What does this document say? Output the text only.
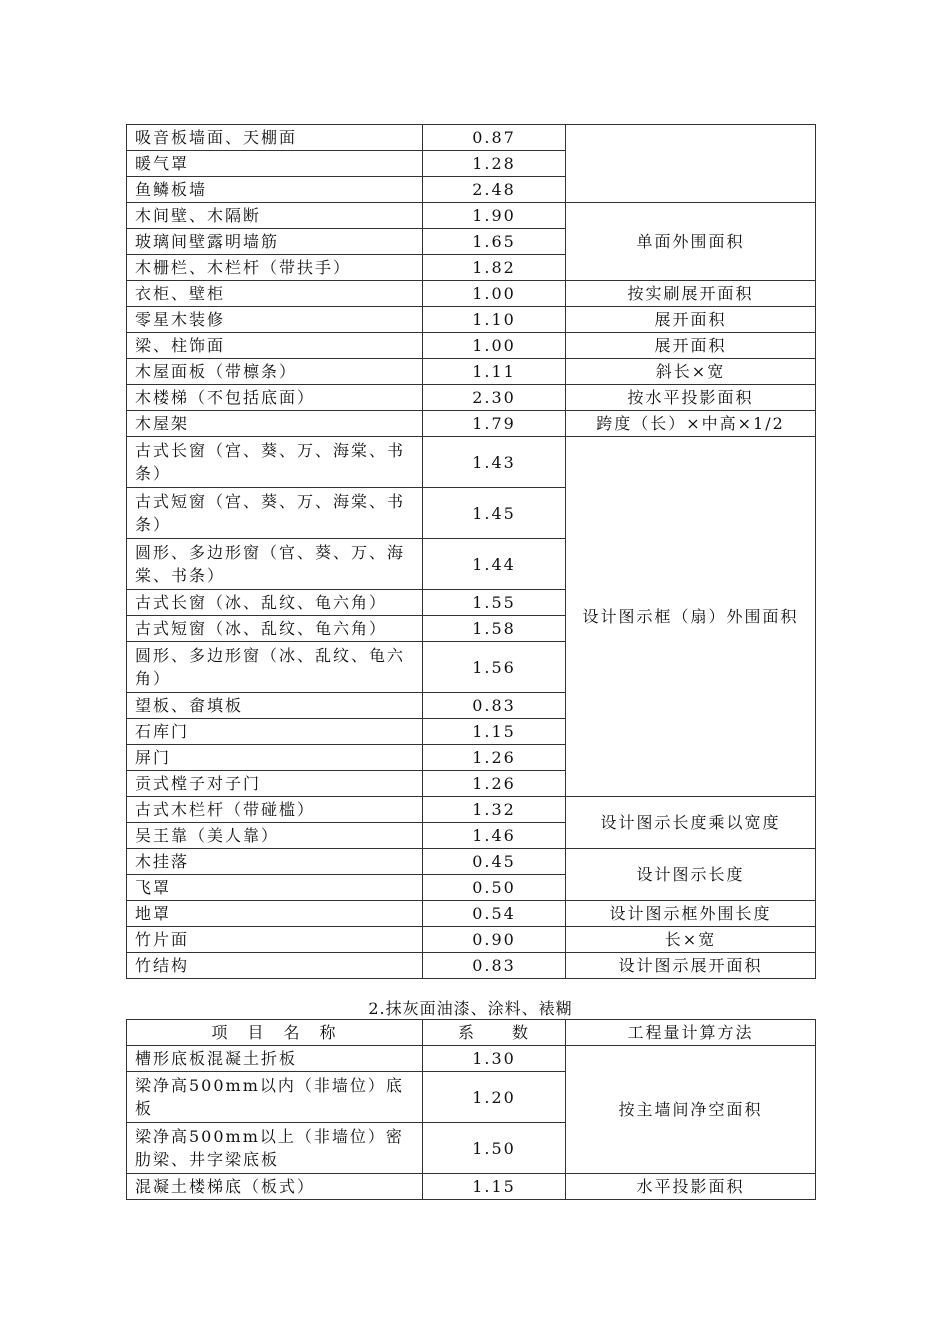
吸音板墙面、天棚面	0.87	
暖气罩	1.28	
鱼鳞板墙	2.48	
木间壁、木隔断	1.90	单面外围面积
玻璃间壁露明墙筋	1.65	
木栅栏、木栏杆（带扶手）	1.82	
衣柜、壁柜	1.00	按实刷展开面积
零星木装修	1.10	展开面积
梁、柱饰面	1.00	展开面积
木屋面板（带檩条）	1.11	斜长×宽
木楼梯（不包括底面）	2.30	按水平投影面积
木屋架	1.79	跨度（长）×中高×1/2
古式长窗（宫、葵、万、海棠、书条）	1.43	设计图示框（扇）外围面积
古式短窗（宫、葵、万、海棠、书条）	1.45	
圆形、多边形窗（官、葵、万、海棠、书条）	1.44	
古式长窗（冰、乱纹、龟六角）	1.55	
古式短窗（冰、乱纹、龟六角）	1.58	
圆形、多边形窗（冰、乱纹、龟六角）	1.56	
望板、畲填板	0.83	
石库门	1.15	
屏门	1.26	
贡式樘子对子门	1.26	
古式木栏杆（带碰槛）	1.32	设计图示长度乘以宽度
吴王靠（美人靠）	1.46	
木挂落	0.45	设计图示长度
飞罩	0.50	
地罩	0.54	设计图示框外围长度
竹片面	0.90	长×宽
竹结构	0.83	设计图示展开面积
2.抹灰面油漆、涂料、裱糊
项　目　名　称	系　　数	工程量计算方法
槽形底板混凝土折板	1.30	按主墙间净空面积
梁净高500mm以内（非墙位）底板	1.20	
梁净高500mm以上（非墙位）密肋梁、井字梁底板	1.50	
混凝土楼梯底（板式）	1.15	水平投影面积
